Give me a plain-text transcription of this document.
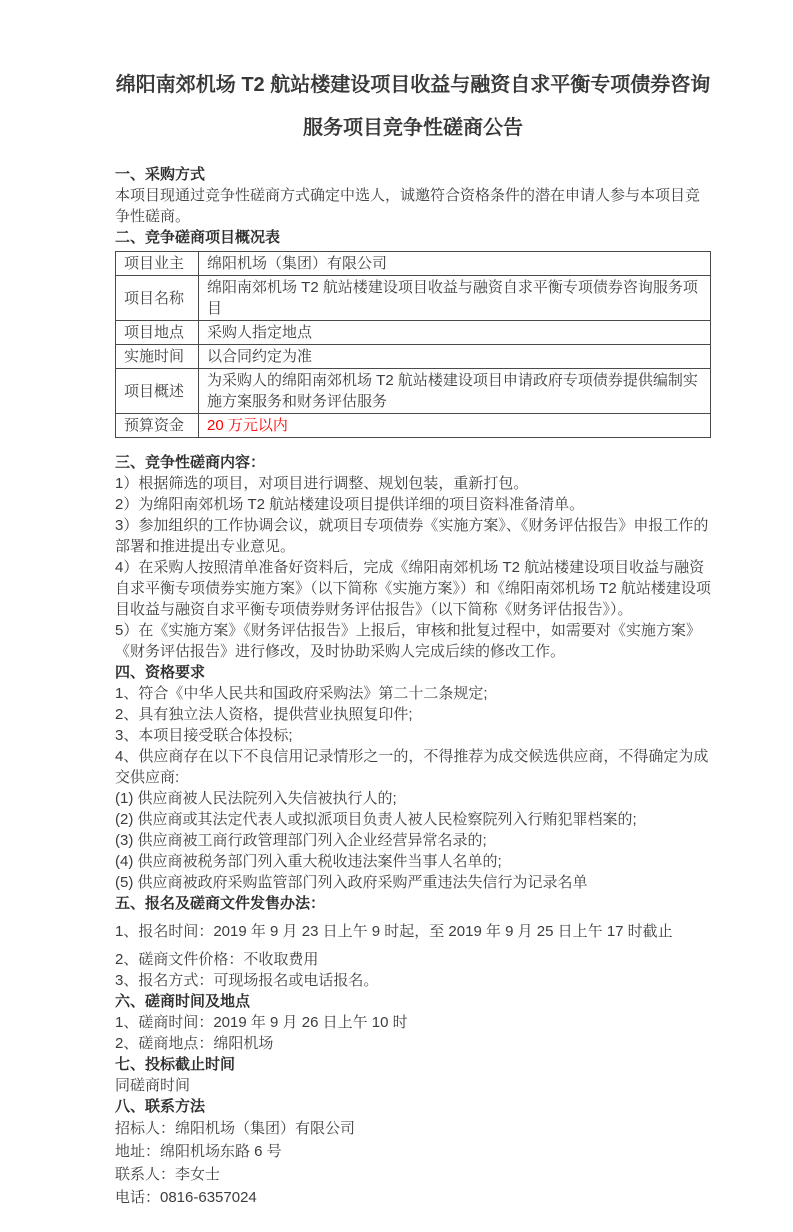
绵阳南郊机场 T2 航站楼建设项目收益与融资自求平衡专项债券咨询
服务项目竞争性磋商公告
一、采购方式

本项目现通过竞争性磋商方式确定中选人，诚邀符合资格条件的潜在申请人参与本项目竞争性磋商。

二、竞争磋商项目概况表
项目业主	绵阳机场（集团）有限公司
项目名称	绵阳南郊机场 T2 航站楼建设项目收益与融资自求平衡专项债券咨询服务项目
项目地点	采购人指定地点
实施时间	以合同约定为准
项目概述	为采购人的绵阳南郊机场 T2 航站楼建设项目申请政府专项债券提供编制实施方案服务和财务评估服务
预算资金	20 万元以内
三、竞争性磋商内容：

1）根据筛选的项目，对项目进行调整、规划包装，重新打包。

2）为绵阳南郊机场 T2 航站楼建设项目提供详细的项目资料准备清单。

3）参加组织的工作协调会议，就项目专项债券《实施方案》、《财务评估报告》申报工作的部署和推进提出专业意见。

4）在采购人按照清单准备好资料后，完成《绵阳南郊机场 T2 航站楼建设项目收益与融资自求平衡专项债券实施方案》（以下简称《实施方案》）和《绵阳南郊机场 T2 航站楼建设项目收益与融资自求平衡专项债券财务评估报告》（以下简称《财务评估报告》）。

5）在《实施方案》《财务评估报告》上报后，审核和批复过程中，如需要对《实施方案》《财务评估报告》进行修改，及时协助采购人完成后续的修改工作。

四、资格要求

1、符合《中华人民共和国政府采购法》第二十二条规定;

2、具有独立法人资格，提供营业执照复印件;

3、本项目接受联合体投标;

4、供应商存在以下不良信用记录情形之一的，不得推荐为成交候选供应商，不得确定为成交供应商:

(1) 供应商被人民法院列入失信被执行人的;

(2) 供应商或其法定代表人或拟派项目负责人被人民检察院列入行贿犯罪档案的;

(3) 供应商被工商行政管理部门列入企业经营异常名录的;

(4) 供应商被税务部门列入重大税收违法案件当事人名单的;

(5) 供应商被政府采购监管部门列入政府采购严重违法失信行为记录名单

五、报名及磋商文件发售办法：

1、报名时间：2019 年 9 月 23 日上午 9 时起，至 2019 年 9 月 25 日上午 17 时截止

2、磋商文件价格：不收取费用

3、报名方式：可现场报名或电话报名。

六、磋商时间及地点

1、磋商时间：2019 年 9 月 26 日上午 10 时

2、磋商地点：绵阳机场

七、投标截止时间

同磋商时间

八、联系方法

招标人：绵阳机场（集团）有限公司

地址：绵阳机场东路 6 号

联系人：李女士

电话：0816-6357024
